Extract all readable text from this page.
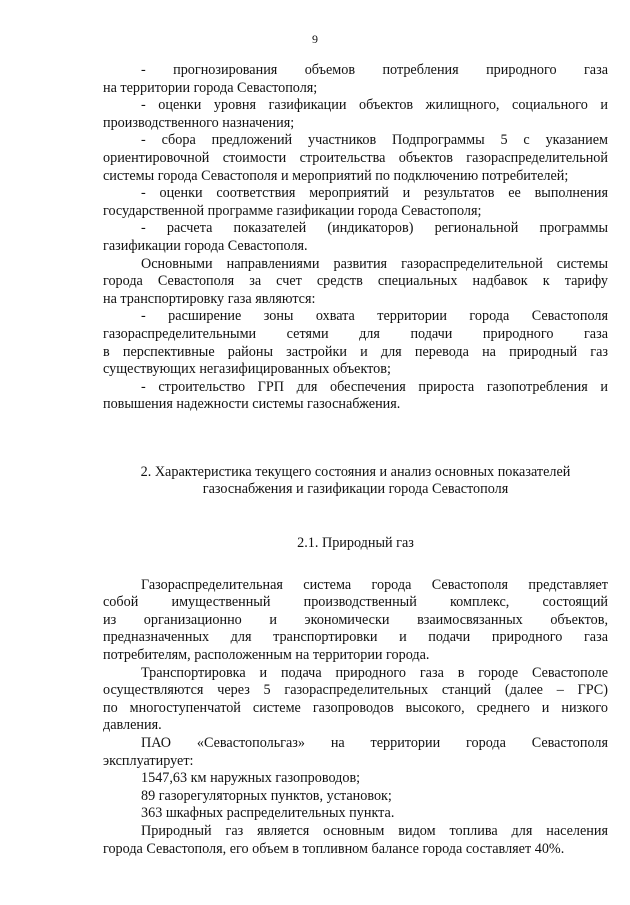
9

- прогнозирования объемов потребления природного газа

на территории города Севастополя;

- оценки уровня газификации объектов жилищного, социального и

производственного назначения;

- сбора предложений участников Подпрограммы 5 с указанием

ориентировочной стоимости строительства объектов газораспределительной

системы города Севастополя и мероприятий по подключению потребителей;

- оценки соответствия мероприятий и результатов ее выполнения

государственной программе газификации города Севастополя;

- расчета показателей (индикаторов) региональной программы

газификации города Севастополя.

Основными направлениями развития газораспределительной системы

города Севастополя за счет средств специальных надбавок к тарифу

на транспортировку газа являются:

- расширение зоны охвата территории города Севастополя

газораспределительными сетями для подачи природного газа

в перспективные районы застройки и для перевода на природный газ

существующих негазифицированных объектов;

- строительство ГРП для обеспечения прироста газопотребления и

повышения надежности системы газоснабжения.

2. Характеристика текущего состояния и анализ основных показателей

газоснабжения и газификации города Севастополя

2.1. Природный газ

Газораспределительная система города Севастополя представляет

собой имущественный производственный комплекс, состоящий

из организационно и экономически взаимосвязанных объектов,

предназначенных для транспортировки и подачи природного газа

потребителям, расположенным на территории города.

Транспортировка и подача природного газа в городе Севастополе

осуществляются через 5 газораспределительных станций (далее – ГРС)

по многоступенчатой системе газопроводов высокого, среднего и низкого

давления.

ПАО «Севастопольгаз» на территории города Севастополя

эксплуатирует:

1547,63 км наружных газопроводов;

89 газорегуляторных пунктов, установок;

363 шкафных распределительных пункта.

Природный газ является основным видом топлива для населения

города Севастополя, его объем в топливном балансе города составляет 40%.
